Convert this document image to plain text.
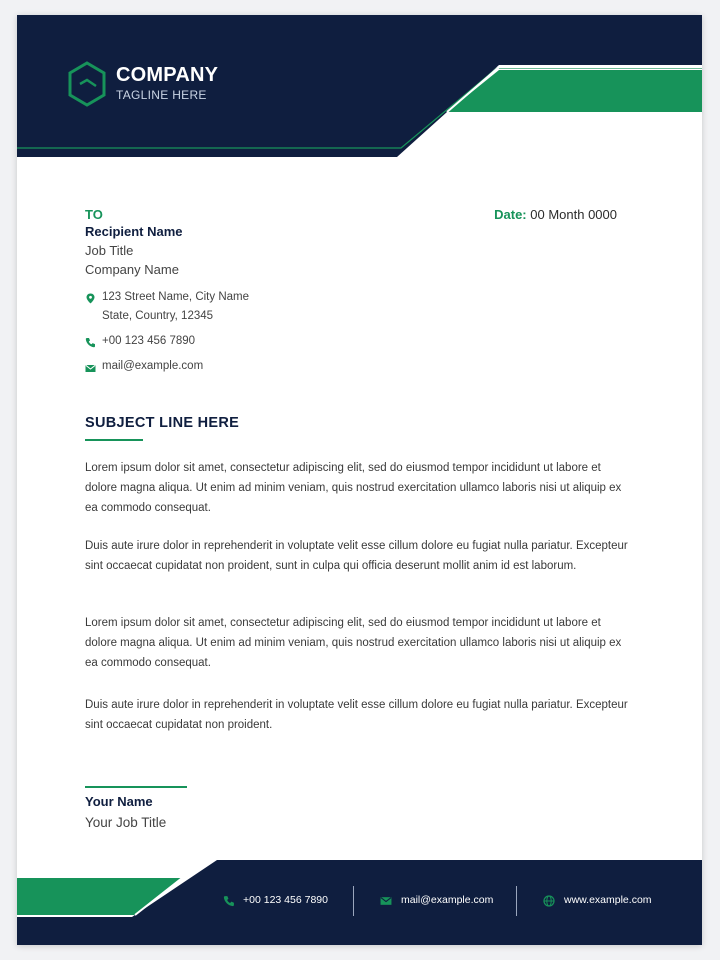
COMPANY
TAGLINE HERE
TO	Date: 00 Month 0000
Recipient Name
Job Title
Company Name
123 Street Name, City Name
State, Country, 12345
+00 123 456 7890
mail@example.com
SUBJECT LINE HERE

Lorem ipsum dolor sit amet, consectetur adipiscing elit, sed do eiusmod tempor incididunt ut labore et dolore magna aliqua. Ut enim ad minim veniam, quis nostrud exercitation ullamco laboris nisi ut aliquip ex ea commodo consequat.

Duis aute irure dolor in reprehenderit in voluptate velit esse cillum dolore eu fugiat nulla pariatur. Excepteur sint occaecat cupidatat non proident, sunt in culpa qui officia deserunt mollit anim id est laborum.

Lorem ipsum dolor sit amet, consectetur adipiscing elit, sed do eiusmod tempor incididunt ut labore et dolore magna aliqua. Ut enim ad minim veniam, quis nostrud exercitation ullamco laboris nisi ut aliquip ex ea commodo consequat.

Duis aute irure dolor in reprehenderit in voluptate velit esse cillum dolore eu fugiat nulla pariatur. Excepteur sint occaecat cupidatat non proident.

Your Name
Your Job Title
+00 123 456 7890	mail@example.com	www.example.com
